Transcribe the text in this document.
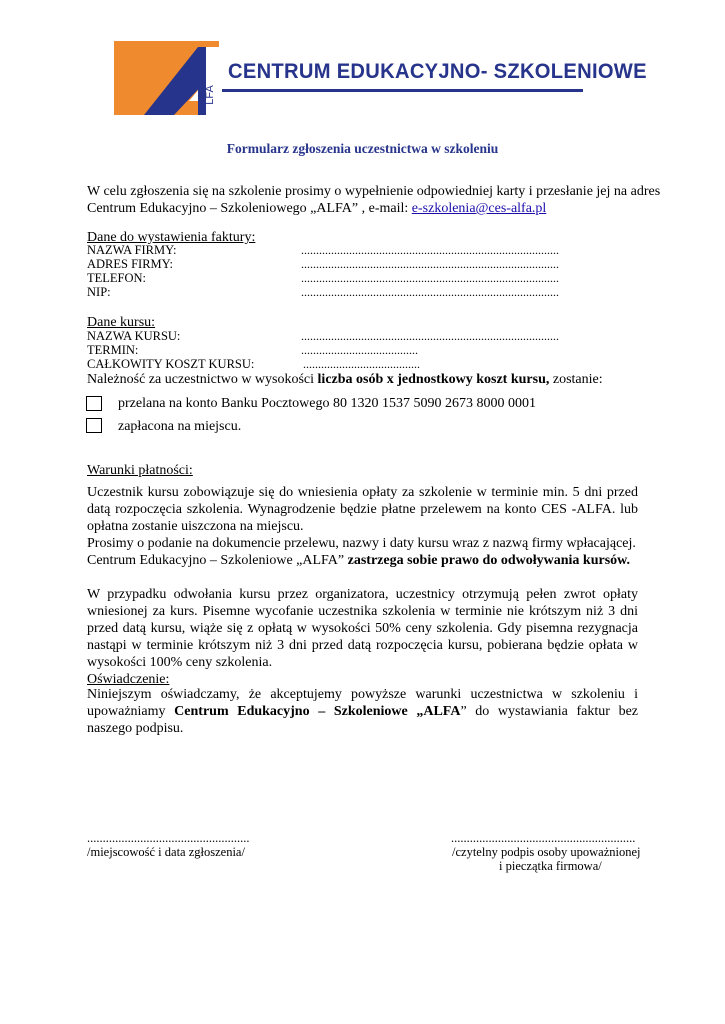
LFA
CENTRUM EDUKACYJNO- SZKOLENIOWE
Formularz zgłoszenia uczestnictwa w szkoleniu
W celu zgłoszenia się na szkolenie prosimy o wypełnienie odpowiedniej karty i przesłanie jej na adres
Centrum Edukacyjno – Szkoleniowego „ALFA” , e-mail: e-szkolenia@ces-alfa.pl
Dane do wystawienia faktury:
NAZWA FIRMY:	......................................................................................
ADRES FIRMY:	......................................................................................
TELEFON:	......................................................................................
NIP:	......................................................................................
Dane kursu:
NAZWA KURSU:	......................................................................................
TERMIN:	.......................................
CAŁKOWITY KOSZT KURSU:	.......................................
Należność za uczestnictwo w wysokości liczba osób x jednostkowy koszt kursu, zostanie:
przelana na konto Banku Pocztowego 80 1320 1537 5090 2673 8000 0001
zapłacona na miejscu.
Warunki płatności:
Uczestnik kursu zobowiązuje się do wniesienia opłaty za szkolenie w terminie min. 5 dni przed datą rozpoczęcia szkolenia. Wynagrodzenie będzie płatne przelewem na konto CES -ALFA. lub opłatna zostanie uiszczona na miejscu.
Prosimy o podanie na dokumencie przelewu, nazwy i daty kursu wraz z nazwą firmy wpłacającej.
Centrum Edukacyjno – Szkoleniowe „ALFA” zastrzega sobie prawo do odwoływania kursów.
W przypadku odwołania kursu przez organizatora, uczestnicy otrzymują pełen zwrot opłaty wniesionej za kurs. Pisemne wycofanie uczestnika szkolenia w terminie nie krótszym niż 3 dni przed datą kursu, wiąże się z opłatą w wysokości 50% ceny szkolenia. Gdy pisemna rezygnacja nastąpi w terminie krótszym niż 3 dni przed datą rozpoczęcia kursu, pobierana będzie opłata w wysokości 100% ceny szkolenia.
Oświadczenie:
Niniejszym oświadczamy, że akceptujemy powyższe warunki uczestnictwa w szkoleniu i upoważniamy Centrum Edukacyjno – Szkoleniowe „ALFA” do wystawiania faktur bez naszego podpisu.
....................................................
/miejscowość i data zgłoszenia/
...........................................................
/czytelny podpis osoby upoważnionej
i pieczątka firmowa/
